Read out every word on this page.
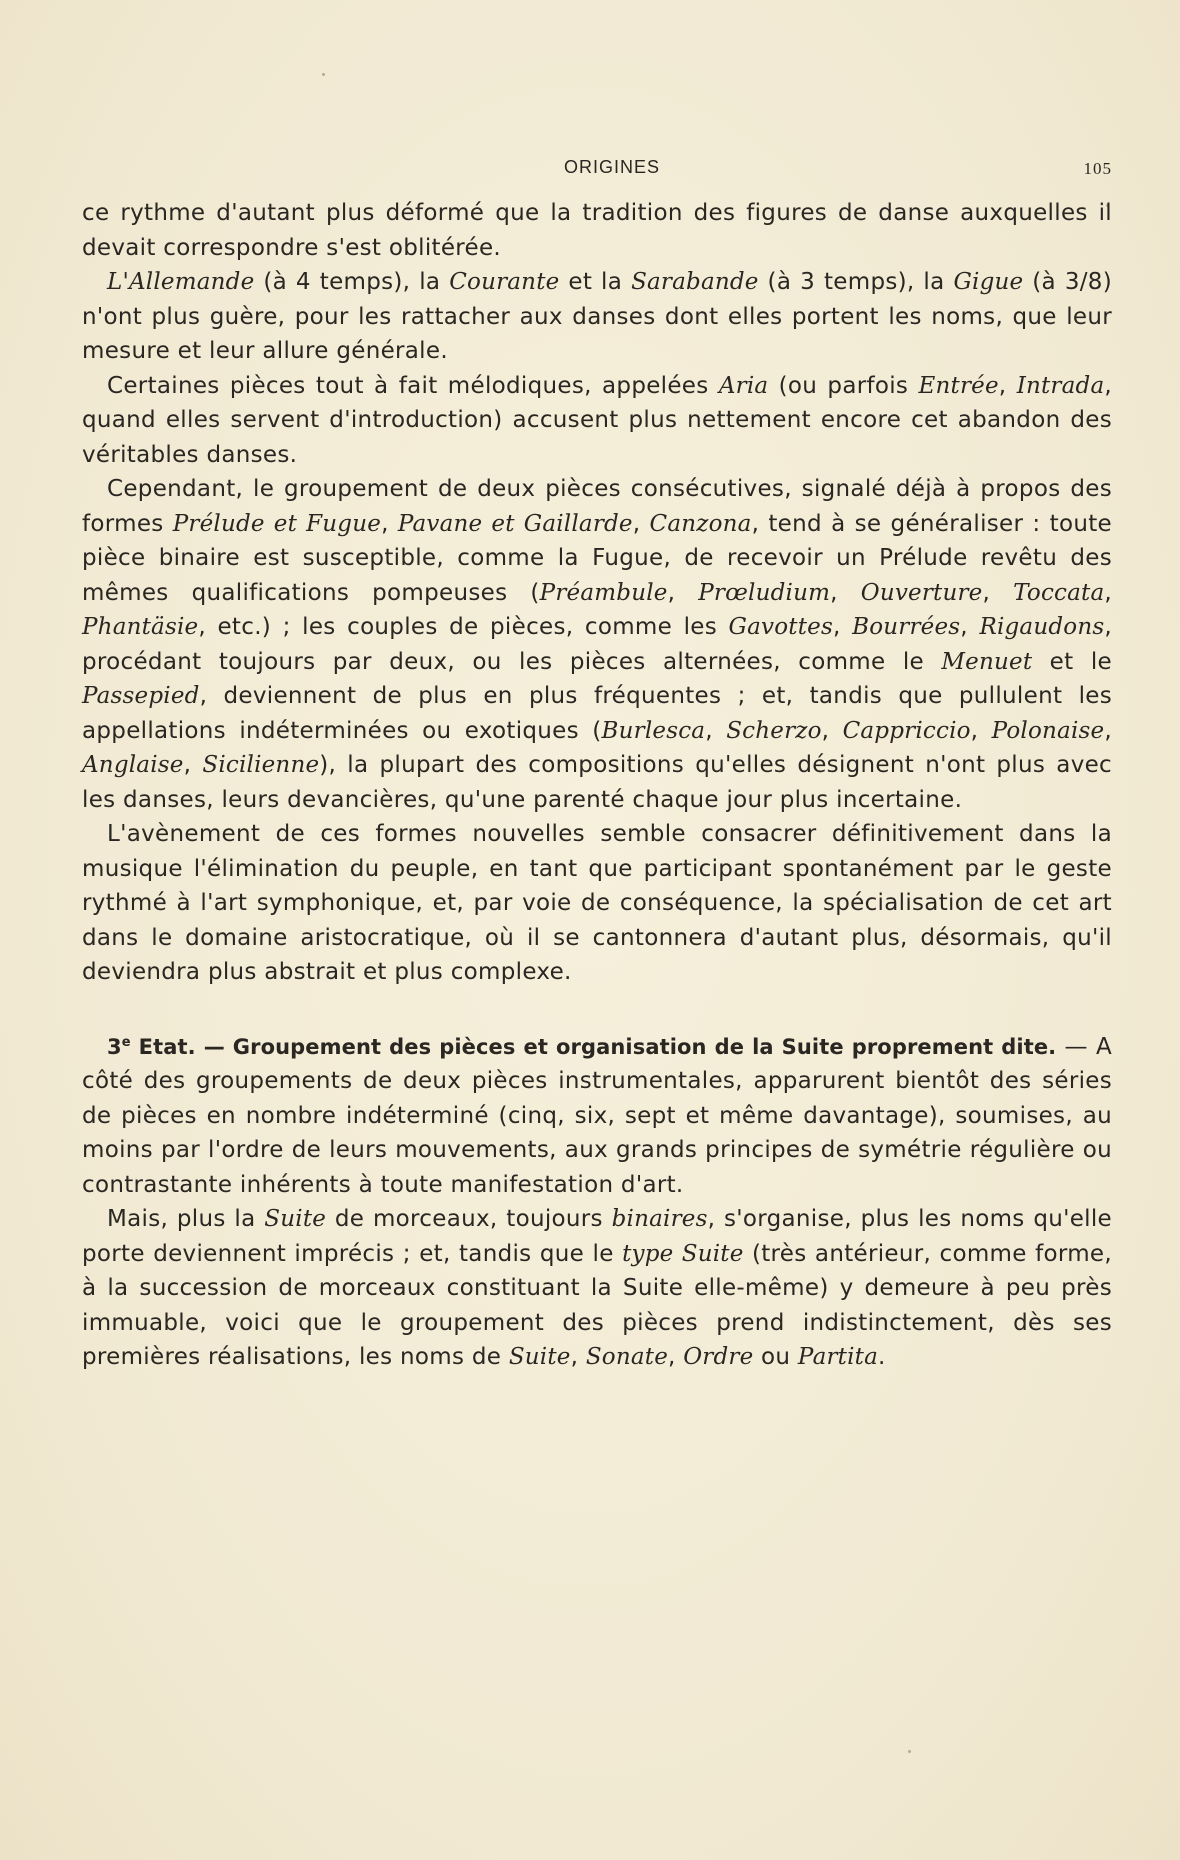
ORIGINES	105

ce rythme d'autant plus déformé que la tradition des figures de danse auxquelles il devait correspondre s'est oblitérée.

L'Allemande (à 4 temps), la Courante et la Sarabande (à 3 temps), la Gigue (à 3/8) n'ont plus guère, pour les rattacher aux danses dont elles portent les noms, que leur mesure et leur allure générale.

Certaines pièces tout à fait mélodiques, appelées Aria (ou parfois Entrée, Intrada, quand elles servent d'introduction) accusent plus nettement encore cet abandon des véritables danses.

Cependant, le groupement de deux pièces consécutives, signalé déjà à propos des formes Prélude et Fugue, Pavane et Gaillarde, Canzona, tend à se généraliser : toute pièce binaire est susceptible, comme la Fugue, de recevoir un Prélude revêtu des mêmes qualifications pompeuses (Préambule, Prœludium, Ouverture, Toccata, Phantäsie, etc.) ; les couples de pièces, comme les Gavottes, Bourrées, Rigaudons, procédant toujours par deux, ou les pièces alternées, comme le Menuet et le Passepied, deviennent de plus en plus fréquentes ; et, tandis que pullulent les appellations indéterminées ou exotiques (Burlesca, Scherzo, Cappriccio, Polonaise, Anglaise, Sicilienne), la plupart des compositions qu'elles désignent n'ont plus avec les danses, leurs devancières, qu'une parenté chaque jour plus incertaine.

L'avènement de ces formes nouvelles semble consacrer définitivement dans la musique l'élimination du peuple, en tant que participant spontanément par le geste rythmé à l'art symphonique, et, par voie de conséquence, la spécialisation de cet art dans le domaine aristocratique, où il se cantonnera d'autant plus, désormais, qu'il deviendra plus abstrait et plus complexe.

3e Etat. — Groupement des pièces et organisation de la Suite proprement dite. — A côté des groupements de deux pièces instrumentales, apparurent bientôt des séries de pièces en nombre indéterminé (cinq, six, sept et même davantage), soumises, au moins par l'ordre de leurs mouvements, aux grands principes de symétrie régulière ou contrastante inhérents à toute manifestation d'art.

Mais, plus la Suite de morceaux, toujours binaires, s'organise, plus les noms qu'elle porte deviennent imprécis ; et, tandis que le type Suite (très antérieur, comme forme, à la succession de morceaux constituant la Suite elle-même) y demeure à peu près immuable, voici que le groupement des pièces prend indistinctement, dès ses premières réalisations, les noms de Suite, Sonate, Ordre ou Partita.
